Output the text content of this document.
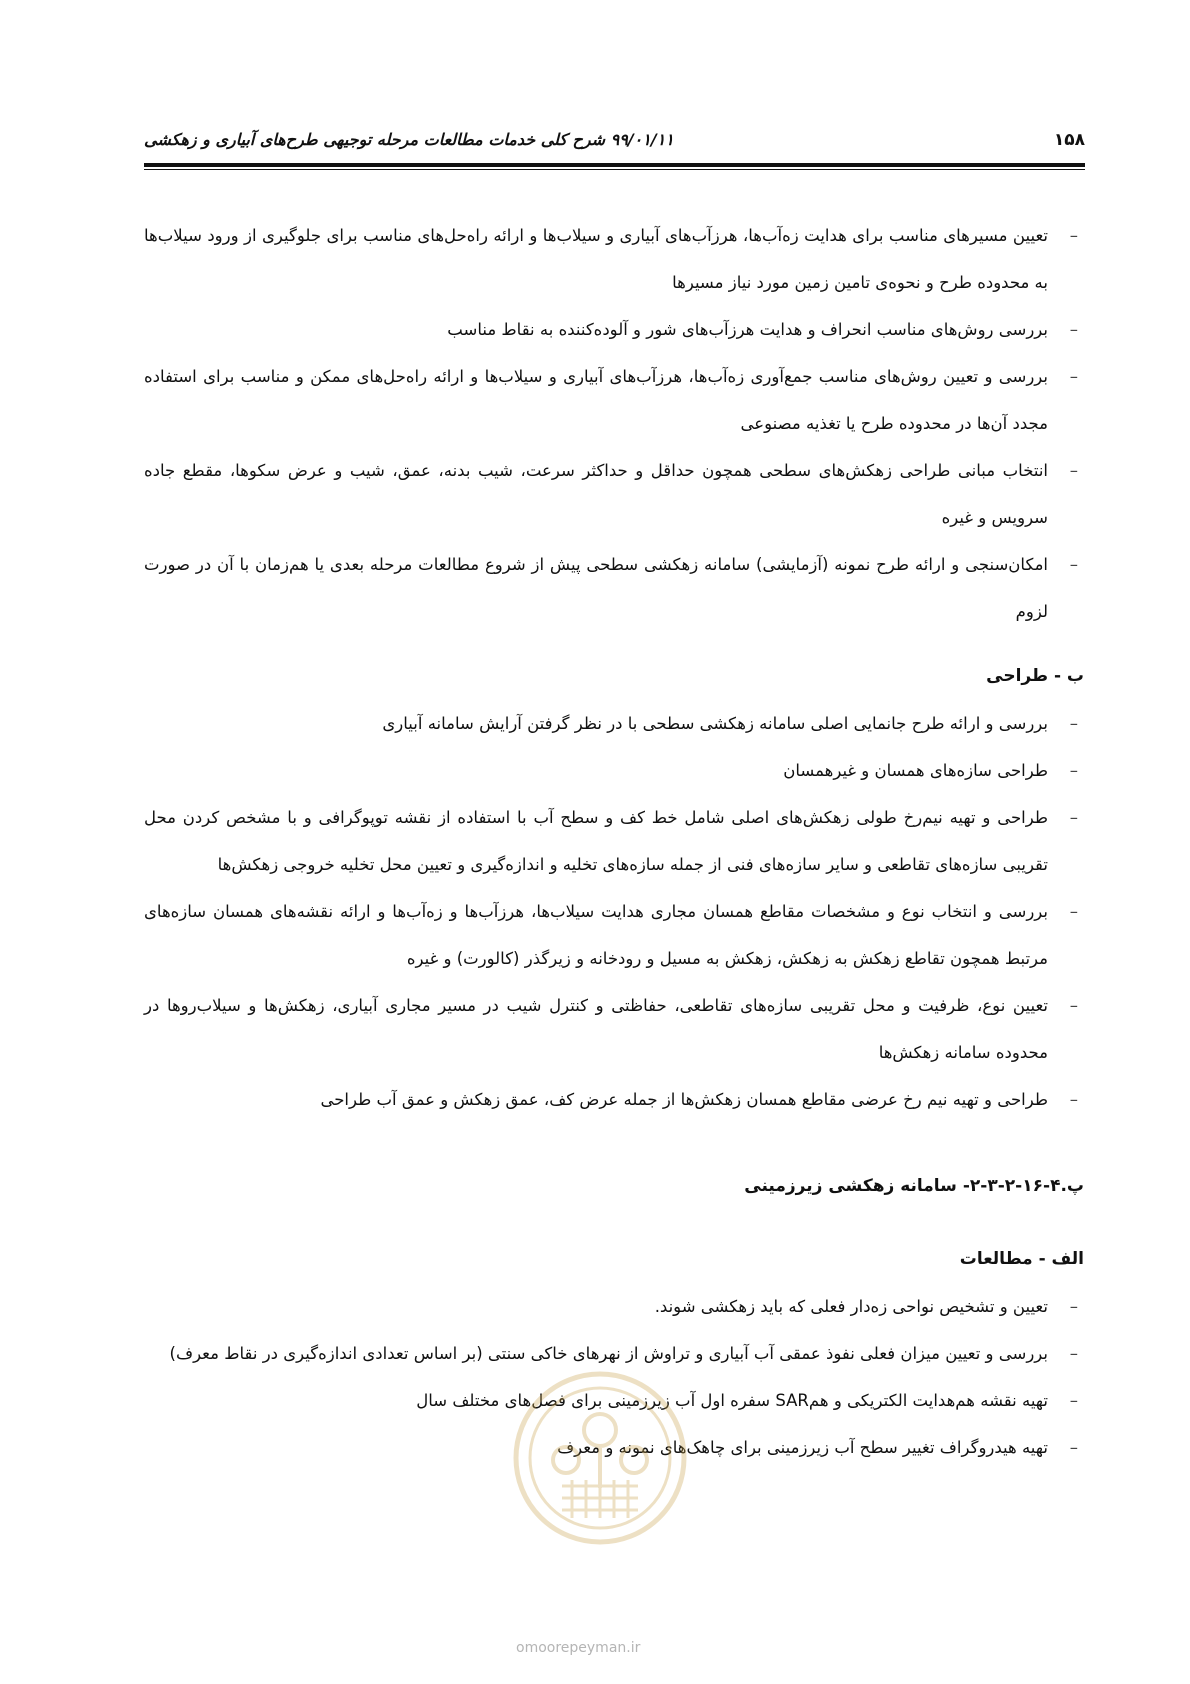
۱۵۸
۹۹/۰۱/۱۱ شرح کلی خدمات مطالعات مرحله توجیهی طرح‌های آبیاری و زهکشی
–
تعیین مسیرهای مناسب برای هدایت زه‌آب‌ها، هرزآب‌های آبیاری و سیلاب‌ها و ارائه راه‌حل‌های مناسب برای جلوگیری از ورود سیلاب‌ها به محدوده طرح و نحوه‌ی تامین زمین مورد نیاز مسیرها
–
بررسی روش‌های مناسب انحراف و هدایت هرزآب‌های شور و آلوده‌کننده به نقاط مناسب
–
بررسی و تعیین روش‌های مناسب جمع‌آوری زه‌آب‌ها، هرزآب‌های آبیاری و سیلاب‌ها و ارائه راه‌حل‌های ممکن و مناسب برای استفاده مجدد آن‌ها در محدوده طرح یا تغذیه مصنوعی
–
انتخاب مبانی طراحی زهکش‌های سطحی همچون حداقل و حداکثر سرعت، شیب بدنه، عمق، شیب و عرض سکوها، مقطع جاده سرویس و غیره
–
امکان‌سنجی و ارائه طرح نمونه (آزمایشی) سامانه زهکشی سطحی پیش از شروع مطالعات مرحله بعدی یا هم‌زمان با آن در صورت لزوم
ب - طراحی
–
بررسی و ارائه طرح جانمایی اصلی سامانه زهکشی سطحی با در نظر گرفتن آرایش سامانه آبیاری
–
طراحی سازه‌های همسان و غیرهمسان
–
طراحی و تهیه نیم‌رخ طولی زهکش‌های اصلی شامل خط کف و سطح آب با استفاده از نقشه توپوگرافی و با مشخص کردن محل تقریبی سازه‌های تقاطعی و سایر سازه‌های فنی از جمله سازه‌های تخلیه و اندازه‌گیری و تعیین محل تخلیه خروجی زهکش‌ها
–
بررسی و انتخاب نوع و مشخصات مقاطع همسان مجاری هدایت سیلاب‌ها، هرزآب‌ها و زه‌آب‌ها و ارائه نقشه‌های همسان سازه‌های مرتبط همچون تقاطع زهکش به زهکش، زهکش به مسیل و رودخانه و زیرگذر (کالورت) و غیره
–
تعیین نوع، ظرفیت و محل تقریبی سازه‌های تقاطعی، حفاظتی و کنترل شیب در مسیر مجاری آبیاری، زهکش‌ها و سیلاب‌روها در محدوده سامانه زهکش‌ها
–
طراحی و تهیه نیم رخ عرضی مقاطع همسان زهکش‌ها از جمله عرض کف، عمق زهکش و عمق آب طراحی
پ.۴-۱۶-۲-۳-۲- سامانه زهکشی زیرزمینی
الف - مطالعات
–
تعیین و تشخیص نواحی زه‌دار فعلی که باید زهکشی شوند.
–
بررسی و تعیین میزان فعلی نفوذ عمقی آب آبیاری و تراوش از نهرهای خاکی سنتی (بر اساس تعدادی اندازه‌گیری در نقاط معرف)
–
تهیه نقشه هم‌هدایت الکتریکی و همSAR سفره اول آب زیرزمینی برای فصل‌های مختلف سال
–
تهیه هیدروگراف تغییر سطح آب زیرزمینی برای چاهک‌های نمونه و معرف
omoorepeyman.ir
